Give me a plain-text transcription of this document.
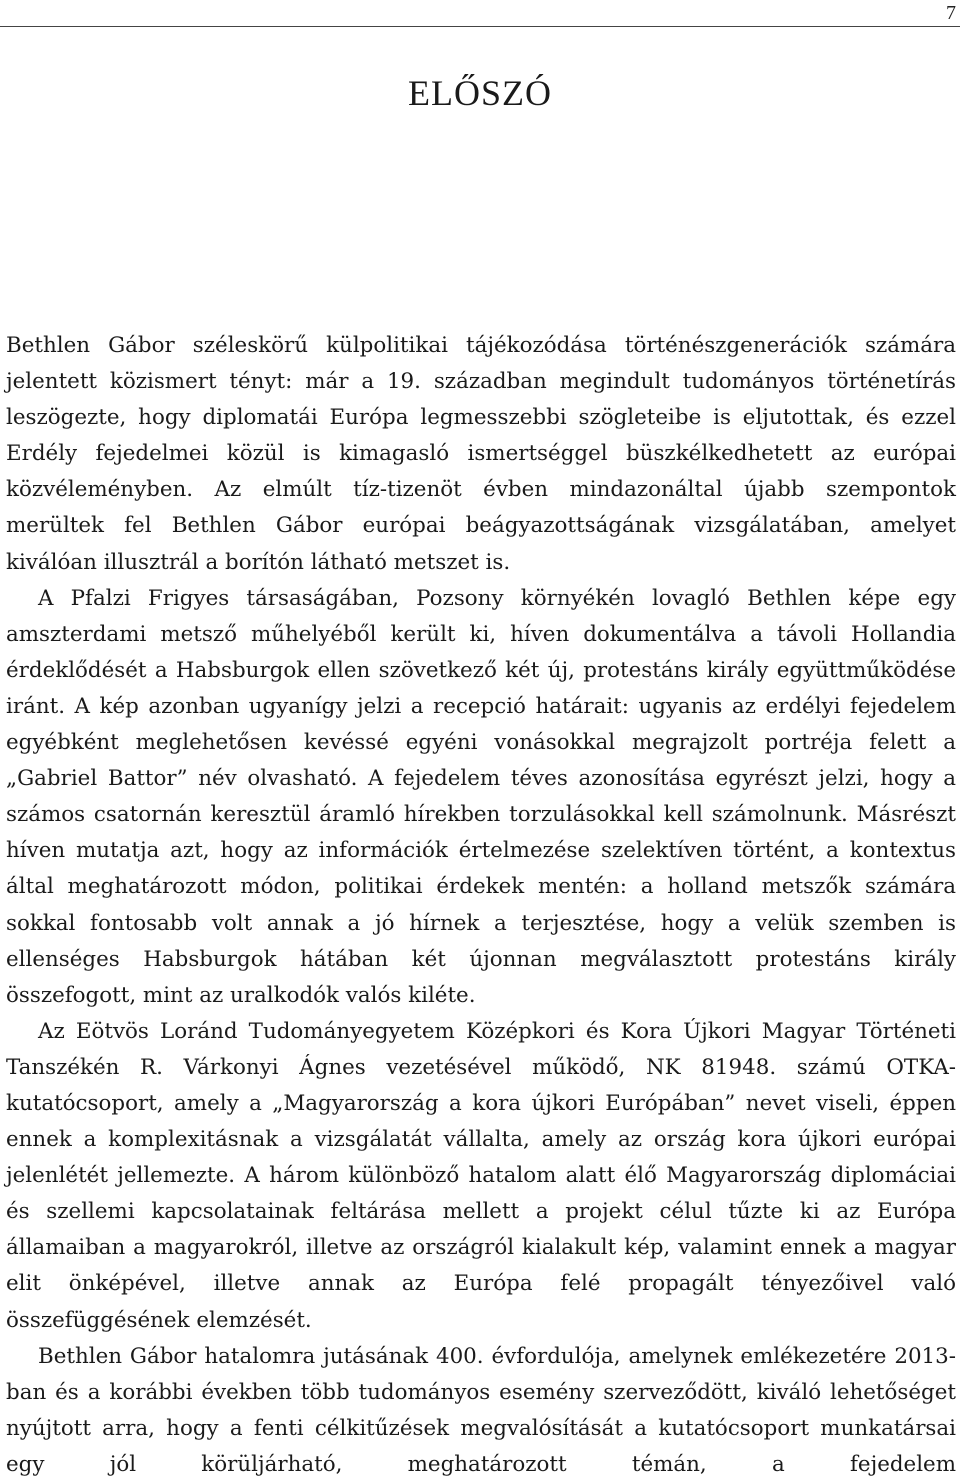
7
ELŐSZÓ

Bethlen Gábor széleskörű külpolitikai tájékozódása történészgenerációk számára jelentett közismert tényt: már a 19. században megindult tudományos történetírás leszögezte, hogy diplomatái Európa legmesszebbi szögleteibe is eljutottak, és ezzel Erdély fejedelmei közül is kimagasló ismertséggel büszkélkedhetett az európai közvéleményben. Az elmúlt tíz-tizenöt évben mindazonáltal újabb szempontok merültek fel Bethlen Gábor európai beágyazottságának vizsgálatában, amelyet kiválóan illusztrál a borítón látható metszet is.

A Pfalzi Frigyes társaságában, Pozsony környékén lovagló Bethlen képe egy amszterdami metsző műhelyéből került ki, híven dokumentálva a távoli Hollandia érdeklődését a Habsburgok ellen szövetkező két új, protestáns király együttműködése iránt. A kép azonban ugyanígy jelzi a recepció határait: ugyanis az erdélyi fejedelem egyébként meglehetősen kevéssé egyéni vonásokkal megrajzolt portréja felett a „Gabriel Battor” név olvasható. A fejedelem téves azonosítása egyrészt jelzi, hogy a számos csatornán keresztül áramló hírekben torzulásokkal kell számolnunk. Másrészt híven mutatja azt, hogy az információk értelmezése szelektíven történt, a kontextus által meghatározott módon, politikai érdekek mentén: a holland metszők számára sokkal fontosabb volt annak a jó hírnek a terjesztése, hogy a velük szemben is ellenséges Habsburgok hátában két újonnan megválasztott protestáns király összefogott, mint az uralkodók valós kiléte.

Az Eötvös Loránd Tudományegyetem Középkori és Kora Újkori Magyar Történeti Tanszékén R. Várkonyi Ágnes vezetésével működő, NK 81948. számú OTKA-kutatócsoport, amely a „Magyarország a kora újkori Európában” nevet viseli, éppen ennek a komplexitásnak a vizsgálatát vállalta, amely az ország kora újkori európai jelenlétét jellemezte. A három különböző hatalom alatt élő Magyarország diplomáciai és szellemi kapcsolatainak feltárása mellett a projekt célul tűzte ki az Európa államaiban a magyarokról, illetve az országról kialakult kép, valamint ennek a magyar elit önképével, illetve annak az Európa felé propagált tényezőivel való összefüggésének elemzését.

Bethlen Gábor hatalomra jutásának 400. évfordulója, amelynek emlékezetére 2013-ban és a korábbi években több tudományos esemény szerveződött, kiváló lehetőséget nyújtott arra, hogy a fenti célkitűzések megvalósítását a kutatócsoport munkatársai egy jól körüljárható, meghatározott témán, a fejedelem
